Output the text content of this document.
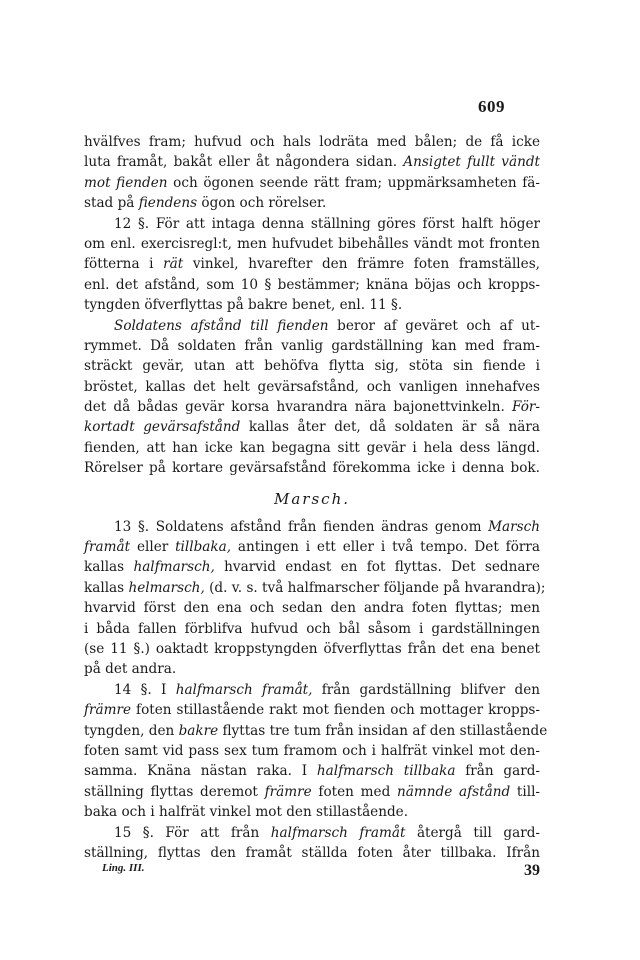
609
hvälfves fram; hufvud och hals lodräta med bålen; de få icke
luta framåt, bakåt eller åt någondera sidan. Ansigtet fullt vändt
mot fienden och ögonen seende rätt fram; uppmärksamheten fä-
stad på fiendens ögon och rörelser.
12 §. För att intaga denna ställning göres först halft höger
om enl. exercisregl:t, men hufvudet bibehålles vändt mot fronten
fötterna i rät vinkel, hvarefter den främre foten framställes,
enl. det afstånd, som 10 § bestämmer; knäna böjas och kropps-
tyngden öfverflyttas på bakre benet, enl. 11 §.
Soldatens afstånd till fienden beror af geväret och af ut-
rymmet. Då soldaten från vanlig gardställning kan med fram-
sträckt gevär, utan att behöfva flytta sig, stöta sin fiende i
bröstet, kallas det helt gevärsafstånd, och vanligen innehafves
det då bådas gevär korsa hvarandra nära bajonettvinkeln. För-
kortadt gevärsafstånd kallas åter det, då soldaten är så nära
fienden, att han icke kan begagna sitt gevär i hela dess längd.
Rörelser på kortare gevärsafstånd förekomma icke i denna bok.
Marsch.
13 §. Soldatens afstånd från fienden ändras genom Marsch
framåt eller tillbaka, antingen i ett eller i två tempo. Det förra
kallas halfmarsch, hvarvid endast en fot flyttas. Det sednare
kallas helmarsch, (d. v. s. två halfmarscher följande på hvarandra);
hvarvid först den ena och sedan den andra foten flyttas; men
i båda fallen förblifva hufvud och bål såsom i gardställningen
(se 11 §.) oaktadt kroppstyngden öfverflyttas från det ena benet
på det andra.
14 §. I halfmarsch framåt, från gardställning blifver den
främre foten stillastående rakt mot fienden och mottager kropps-
tyngden, den bakre flyttas tre tum från insidan af den stillastående
foten samt vid pass sex tum framom och i halfrät vinkel mot den-
samma. Knäna nästan raka. I halfmarsch tillbaka från gard-
ställning flyttas deremot främre foten med nämnde afstånd till-
baka och i halfrät vinkel mot den stillastående.
15 §. För att från halfmarsch framåt återgå till gard-
ställning, flyttas den framåt ställda foten åter tillbaka. Ifrån
Ling. III.	39
